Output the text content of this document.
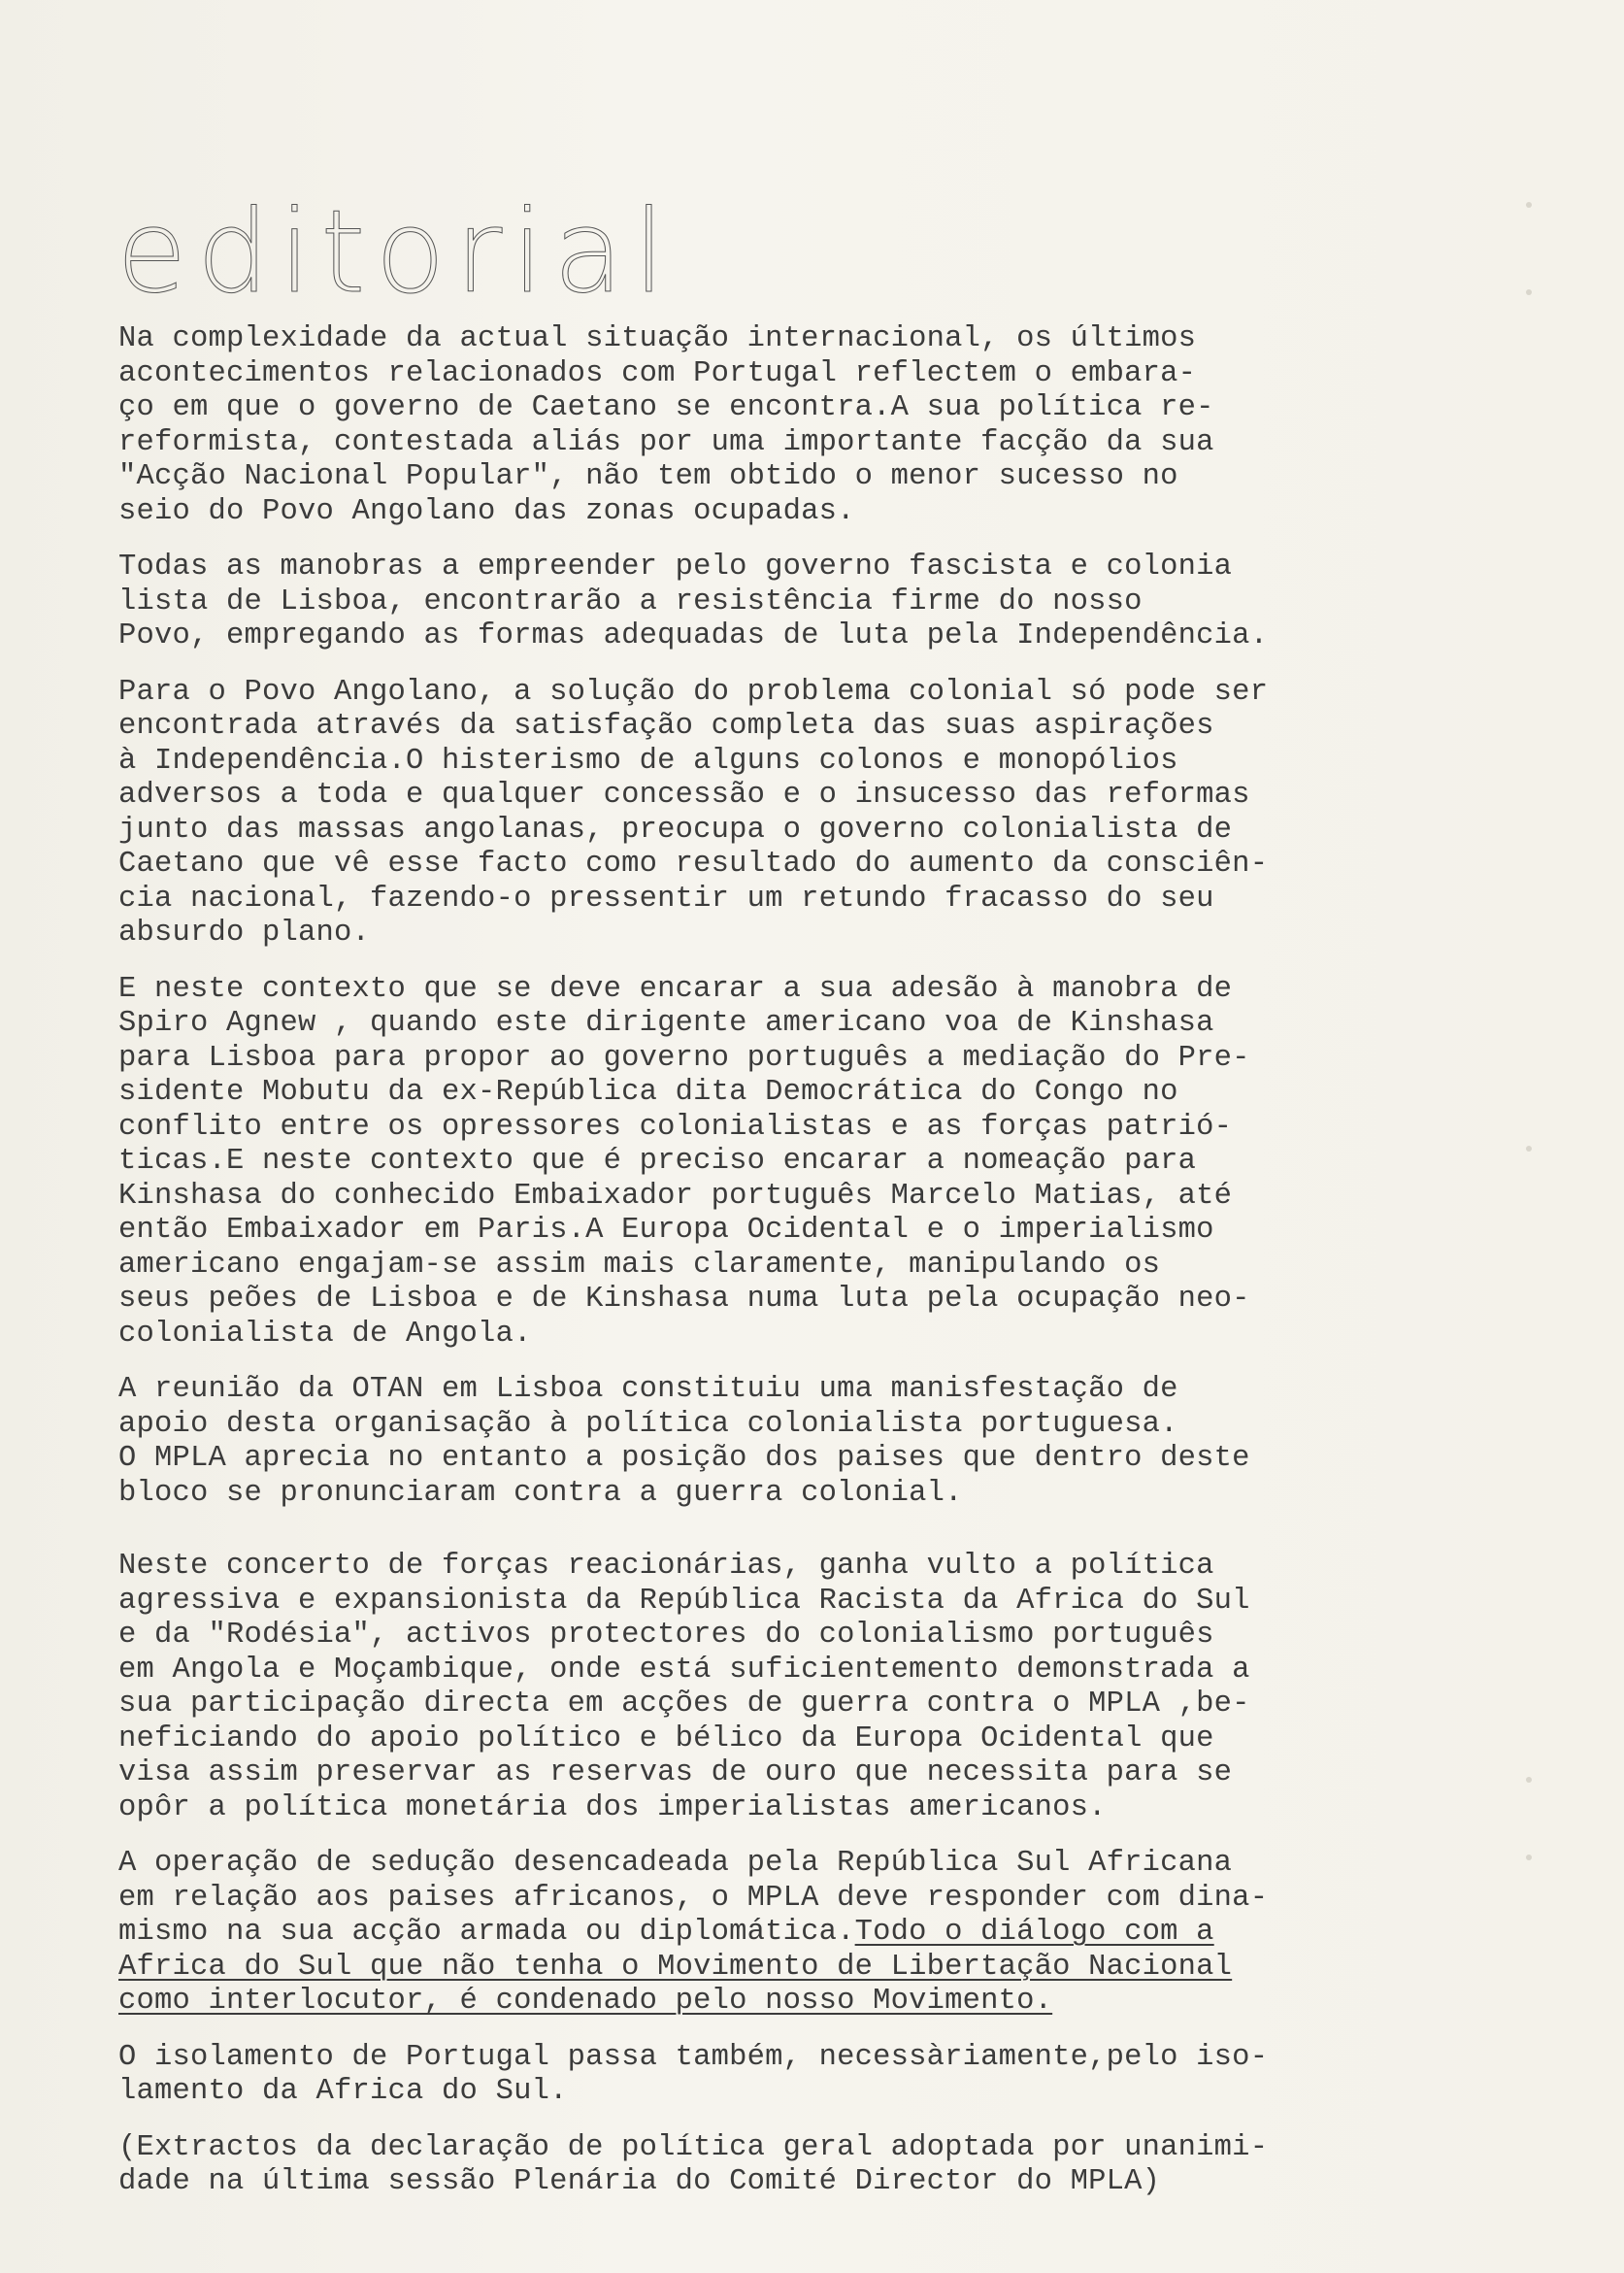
editorial
Na complexidade da actual situação internacional, os últimos
acontecimentos relacionados com Portugal reflectem o embara-
ço em que o governo de Caetano se encontra.A sua política re-
reformista, contestada aliás por uma importante facção da sua
"Acção Nacional Popular", não tem obtido o menor sucesso no
seio do Povo Angolano das zonas ocupadas.
Todas as manobras a empreender pelo governo fascista e colonia
lista de Lisboa, encontrarão a resistência firme do nosso
Povo, empregando as formas adequadas de luta pela Independência.
Para o Povo Angolano, a solução do problema colonial só pode ser
encontrada através da satisfação completa das suas aspirações
à Independência.O histerismo de alguns colonos e monopólios
adversos a toda e qualquer concessão e o insucesso das reformas
junto das massas angolanas, preocupa o governo colonialista de
Caetano que vê esse facto como resultado do aumento da consciên-
cia nacional, fazendo-o pressentir um retundo fracasso do seu
absurdo plano.
E neste contexto que se deve encarar a sua adesão à manobra de
Spiro Agnew , quando este dirigente americano voa de Kinshasa
para Lisboa para propor ao governo português a mediação do Pre-
sidente Mobutu da ex-República dita Democrática do Congo no
conflito entre os opressores colonialistas e as forças patrió-
ticas.E neste contexto que é preciso encarar a nomeação para
Kinshasa do conhecido Embaixador português Marcelo Matias, até
então Embaixador em Paris.A Europa Ocidental e o imperialismo
americano engajam-se assim mais claramente, manipulando os
seus peões de Lisboa e de Kinshasa numa luta pela ocupação neo-
colonialista de Angola.
A reunião da OTAN em Lisboa constituiu uma manisfestação de
apoio desta organisação à política colonialista portuguesa.
O MPLA aprecia no entanto a posição dos paises que dentro deste
bloco se pronunciaram contra a guerra colonial.
Neste concerto de forças reacionárias, ganha vulto a política
agressiva e expansionista da República Racista da Africa do Sul
e da "Rodésia", activos protectores do colonialismo português
em Angola e Moçambique, onde está suficientemento demonstrada a
sua participação directa em acções de guerra contra o MPLA ,be-
neficiando do apoio político e bélico da Europa Ocidental que
visa assim preservar as reservas de ouro que necessita para se
opôr a política monetária dos imperialistas americanos.
A operação de sedução desencadeada pela República Sul Africana
em relação aos paises africanos, o MPLA deve responder com dina-
mismo na sua acção armada ou diplomática.Todo o diálogo com a
Africa do Sul que não tenha o Movimento de Libertação Nacional
como interlocutor, é condenado pelo nosso Movimento.
O isolamento de Portugal passa também, necessàriamente,pelo iso-
lamento da Africa do Sul.
(Extractos da declaração de política geral adoptada por unanimi-
dade na última sessão Plenária do Comité Director do MPLA)
